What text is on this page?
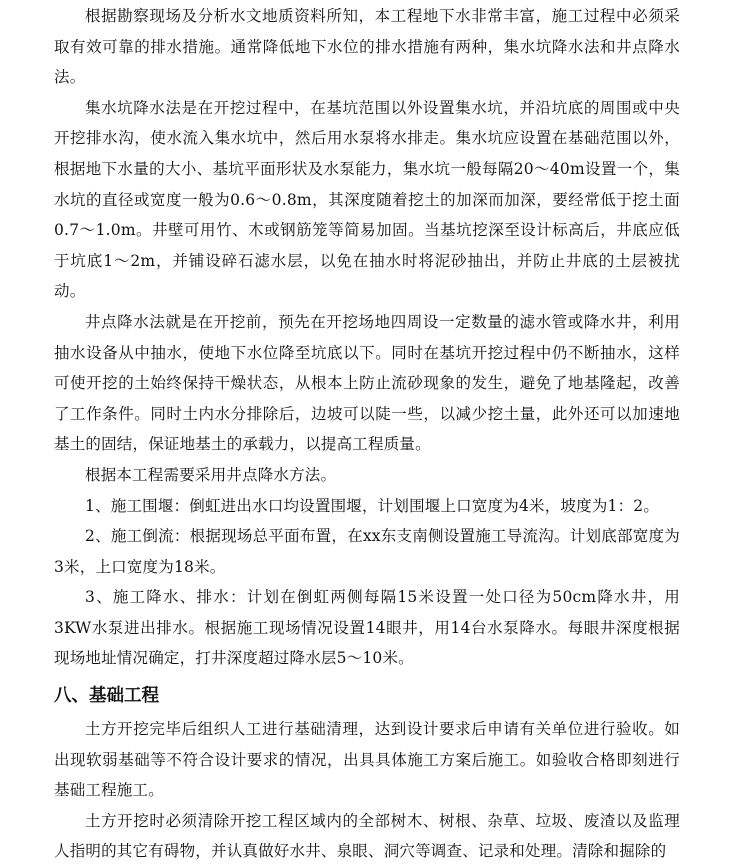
根据勘察现场及分析水文地质资料所知，本工程地下水非常丰富，施工过程中必须采取有效可靠的排水措施。通常降低地下水位的排水措施有两种，集水坑降水法和井点降水法。

集水坑降水法是在开挖过程中，在基坑范围以外设置集水坑，并沿坑底的周围或中央开挖排水沟，使水流入集水坑中，然后用水泵将水排走。集水坑应设置在基础范围以外，根据地下水量的大小、基坑平面形状及水泵能力，集水坑一般每隔20～40m设置一个，集水坑的直径或宽度一般为0.6～0.8m，其深度随着挖土的加深而加深，要经常低于挖土面0.7～1.0m。井壁可用竹、木或钢筋笼等简易加固。当基坑挖深至设计标高后，井底应低于坑底1～2m，并铺设碎石滤水层，以免在抽水时将泥砂抽出，并防止井底的土层被扰动。

井点降水法就是在开挖前，预先在开挖场地四周设一定数量的滤水管或降水井，利用抽水设备从中抽水，使地下水位降至坑底以下。同时在基坑开挖过程中仍不断抽水，这样可使开挖的土始终保持干燥状态，从根本上防止流砂现象的发生，避免了地基隆起，改善了工作条件。同时土内水分排除后，边坡可以陡一些，以减少挖土量，此外还可以加速地基土的固结，保证地基土的承载力，以提高工程质量。

根据本工程需要采用井点降水方法。

1、施工围堰：倒虹进出水口均设置围堰，计划围堰上口宽度为4米，坡度为1：2。

2、施工倒流：根据现场总平面布置，在xx东支南侧设置施工导流沟。计划底部宽度为3米，上口宽度为18米。

3、施工降水、排水：计划在倒虹两侧每隔15米设置一处口径为50cm降水井，用3KW水泵进出排水。根据施工现场情况设置14眼井，用14台水泵降水。每眼井深度根据现场地址情况确定，打井深度超过降水层5～10米。

八、基础工程

土方开挖完毕后组织人工进行基础清理，达到设计要求后申请有关单位进行验收。如出现软弱基础等不符合设计要求的情况，出具具体施工方案后施工。如验收合格即刻进行基础工程施工。

土方开挖时必须清除开挖工程区域内的全部树木、树根、杂草、垃圾、废渣以及监理人指明的其它有碍物，并认真做好水井、泉眼、洞穴等调查、记录和处理。清除和掘除的
